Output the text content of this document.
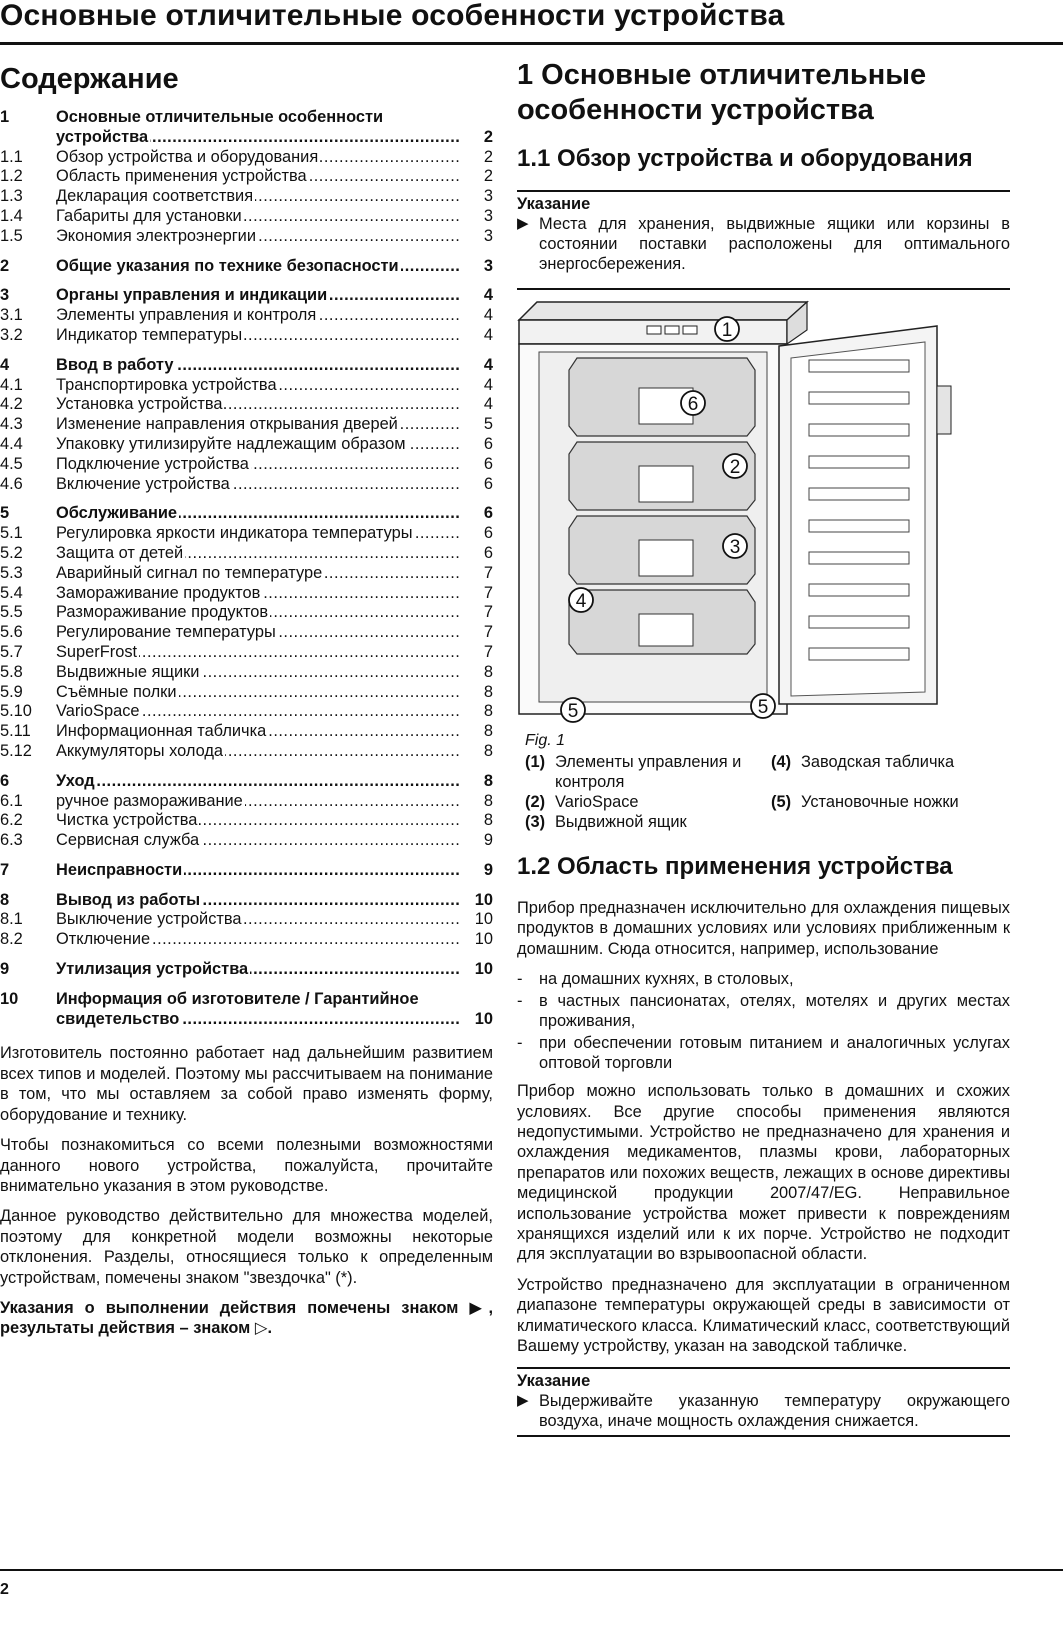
Основные отличительные особенности устройства
Содержание
1	Основные отличительные особенности
устройства .....	2
1.1	Обзор устройства и оборудования .....	2
1.2	Область применения устройства .....	2
1.3	Декларация соответствия .....	3
1.4	Габариты для установки .....	3
1.5	Экономия электроэнергии .....	3
2	Общие указания по технике безопасности .....	3
3	Органы управления и индикации .....	4
3.1	Элементы управления и контроля .....	4
3.2	Индикатор температуры .....	4
4	Ввод в работу .....	4
4.1	Транспортировка устройства .....	4
4.2	Установка устройства .....	4
4.3	Изменение направления открывания дверей .....	5
4.4	Упаковку утилизируйте надлежащим образом .....	6
4.5	Подключение устройства .....	6
4.6	Включение устройства .....	6
5	Обслуживание .....	6
5.1	Регулировка яркости индикатора температуры .....	6
5.2	Защита от детей .....	6
5.3	Аварийный сигнал по температуре .....	7
5.4	Замораживание продуктов .....	7
5.5	Размораживание продуктов .....	7
5.6	Регулирование температуры .....	7
5.7	SuperFrost .....	7
5.8	Выдвижные ящики .....	8
5.9	Съёмные полки .....	8
5.10	VarioSpace .....	8
5.11	Информационная табличка .....	8
5.12	Аккумуляторы холода .....	8
6	Уход .....	8
6.1	ручное размораживание .....	8
6.2	Чистка устройства .....	8
6.3	Сервисная служба .....	9
7	Неисправности .....	9
8	Вывод из работы .....	10
8.1	Выключение устройства .....	10
8.2	Отключение .....	10
9	Утилизация устройства .....	10
10	Информация об изготовителе / Гарантийное
свидетельство .....	10

Изготовитель постоянно работает над дальнейшим развитием всех типов и моделей. Поэтому мы рассчитываем на понимание в том, что мы оставляем за собой право изменять форму, оборудование и технику.

Чтобы познакомиться со всеми полезными возможностями данного нового устройства, пожалуйста, прочитайте внимательно указания в этом руководстве.

Данное руководство действительно для множества моделей, поэтому для конкретной модели возможны некоторые отклонения. Разделы, относящиеся только к определенным устройствам, помечены знаком "звездочка" (*).

Указания о выполнении действия помечены знаком ▶, результаты действия – знаком ▷.

1 Основные отличительные особенности устройства
1.1 Обзор устройства и оборудования
Указание
▶ Места для хранения, выдвижные ящики или корзины в состоянии поставки расположены для оптимального энергосбережения.
1
6
2
3
4
5	5
Fig. 1
(1) Элементы управления и контроля
(4) Заводская табличка
(2) VarioSpace	(5) Установочные ножки
(3) Выдвижной ящик
1.2 Область применения устройства

Прибор предназначен исключительно для охлаждения пищевых продуктов в домашних условиях или условиях приближенным к домашним. Сюда относится, например, использование

-	на домашних кухнях, в столовых,
-	в частных пансионатах, отелях, мотелях и других местах проживания,
-	при обеспечении готовым питанием и аналогичных услугах оптовой торговли

Прибор можно использовать только в домашних и схожих условиях. Все другие способы применения являются недопустимыми. Устройство не предназначено для хранения и охлаждения медикаментов, плазмы крови, лабораторных препаратов или похожих веществ, лежащих в основе директивы медицинской продукции 2007/47/EG. Неправильное использование устройства может привести к повреждениям хранящихся изделий или к их порче. Устройство не подходит для эксплуатации во взрывоопасной области.

Устройство предназначено для эксплуатации в ограниченном диапазоне температуры окружающей среды в зависимости от климатического класса. Климатический класс, соответствующий Вашему устройству, указан на заводской табличке.

Указание
▶ Выдерживайте указанную температуру окружающего воздуха, иначе мощность охлаждения снижается.
2
